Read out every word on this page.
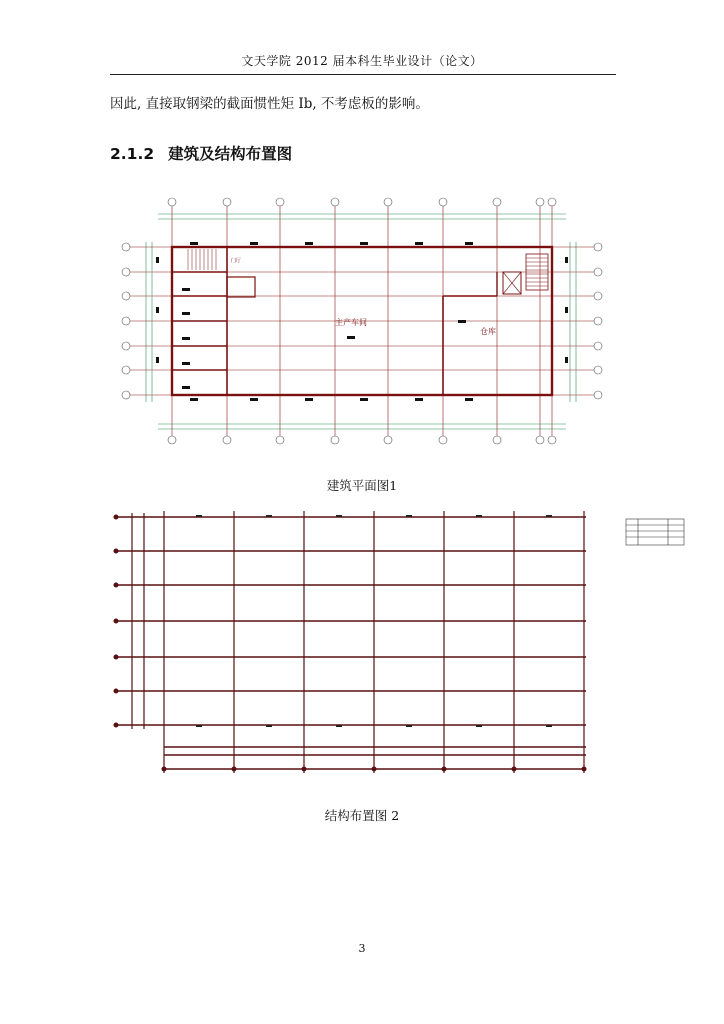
文天学院 2012 届本科生毕业设计（论文）
因此, 直接取钢梁的截面惯性矩 Ib, 不考虑板的影响。
2.1.2 建筑及结构布置图
主产车间
仓库
门厅
建筑平面图1
结构布置图 2
3
